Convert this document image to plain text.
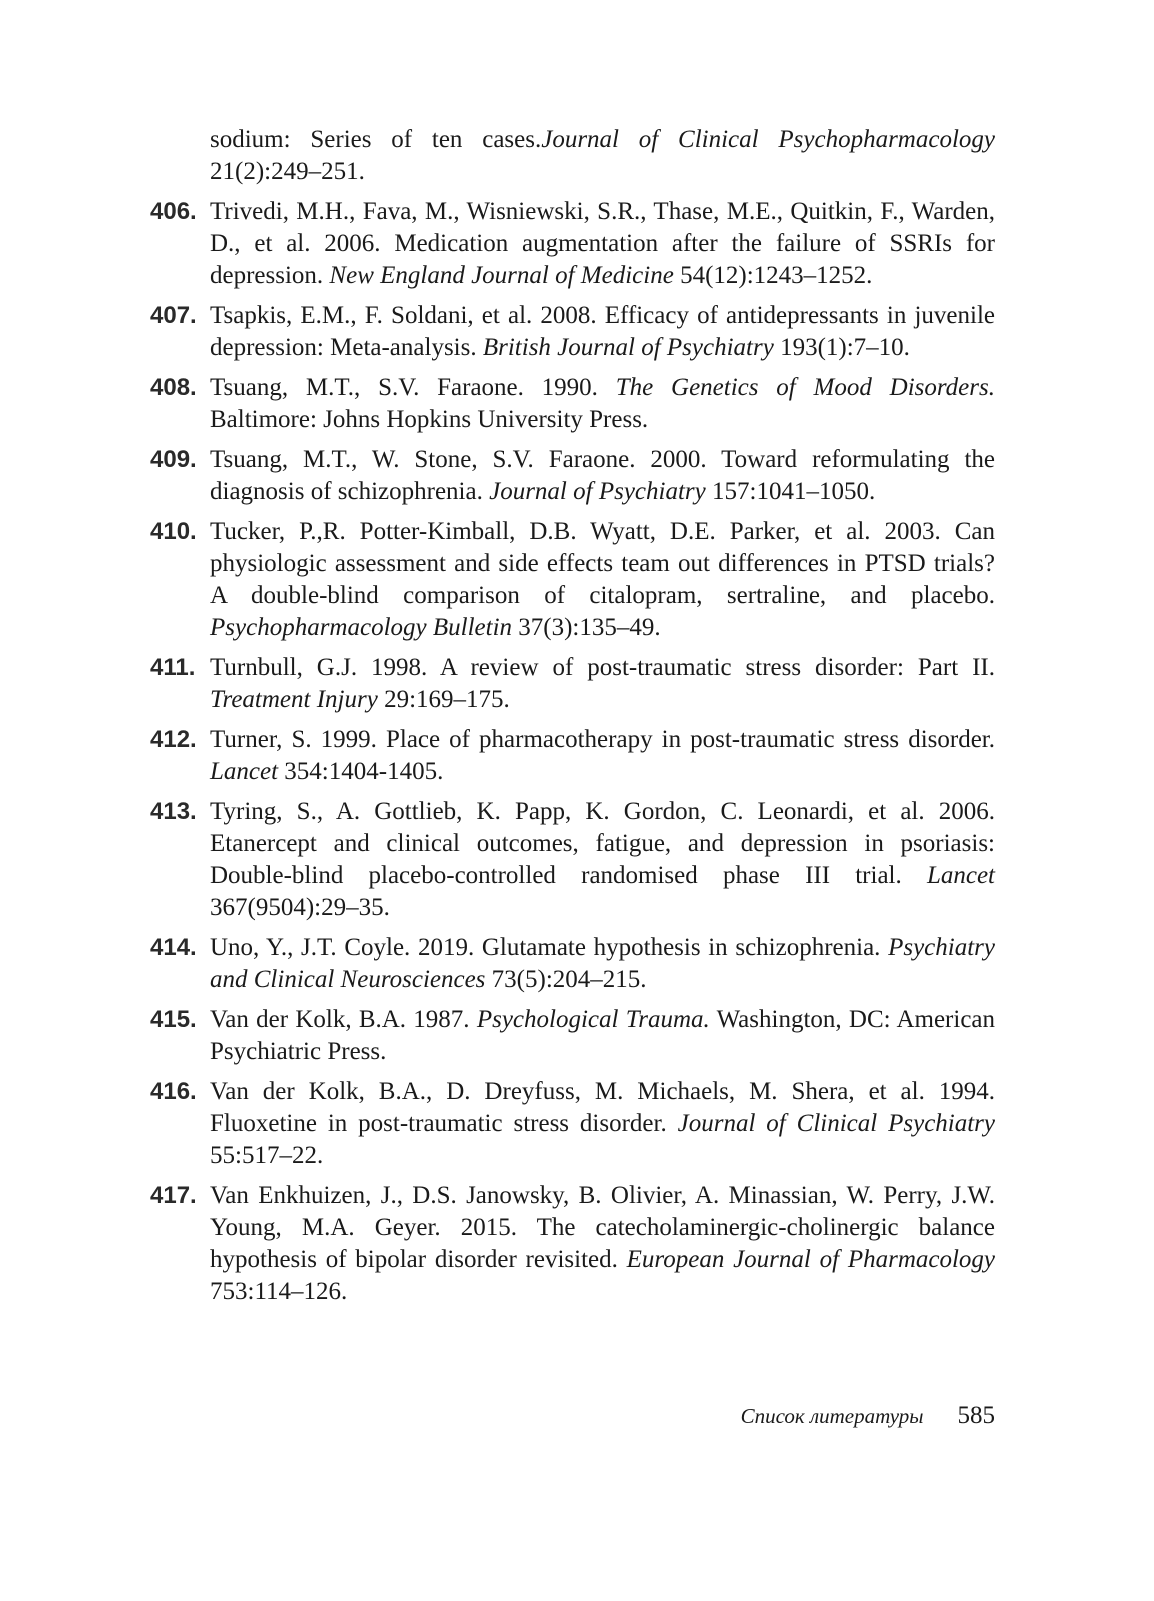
sodium: Series of ten cases.Journal of Clinical Psychopharmacology 21(2):249–251.
406. Trivedi, M.H., Fava, M., Wisniewski, S.R., Thase, M.E., Quitkin, F., Warden, D., et al. 2006. Medication augmentation after the failure of SSRIs for depression. New England Journal of Medicine 54(12):1243–1252.
407. Tsapkis, E.M., F. Soldani, et al. 2008. Efficacy of antidepressants in juvenile depression: Meta-analysis. British Journal of Psychiatry 193(1):7–10.
408. Tsuang, M.T., S.V. Faraone. 1990. The Genetics of Mood Disorders. Baltimore: Johns Hopkins University Press.
409. Tsuang, M.T., W. Stone, S.V. Faraone. 2000. Toward reformulating the diagnosis of schizophrenia. Journal of Psychiatry 157:1041–1050.
410. Tucker, P.,R. Potter-Kimball, D.B. Wyatt, D.E. Parker, et al. 2003. Can physiologic assessment and side effects team out differences in PTSD trials? A double-blind comparison of citalopram, sertraline, and placebo. Psychopharmacology Bulletin 37(3):135–49.
411. Turnbull, G.J. 1998. A review of post-traumatic stress disorder: Part II. Treatment Injury 29:169–175.
412. Turner, S. 1999. Place of pharmacotherapy in post-traumatic stress disorder. Lancet 354:1404-1405.
413. Tyring, S., A. Gottlieb, K. Papp, K. Gordon, C. Leonardi, et al. 2006. Etanercept and clinical outcomes, fatigue, and depression in psoriasis: Double-blind placebo-controlled randomised phase III trial. Lancet 367(9504):29–35.
414. Uno, Y., J.T. Coyle. 2019. Glutamate hypothesis in schizophrenia. Psychiatry and Clinical Neurosciences 73(5):204–215.
415. Van der Kolk, B.A. 1987. Psychological Trauma. Washington, DC: American Psychiatric Press.
416. Van der Kolk, B.A., D. Dreyfuss, M. Michaels, M. Shera, et al. 1994. Fluoxetine in post-traumatic stress disorder. Journal of Clinical Psychiatry 55:517–22.
417. Van Enkhuizen, J., D.S. Janowsky, B. Olivier, A. Minassian, W. Perry, J.W. Young, M.A. Geyer. 2015. The catecholaminergic-cholinergic balance hypothesis of bipolar disorder revisited. European Journal of Pharmacology 753:114–126.
Список литературы 585
